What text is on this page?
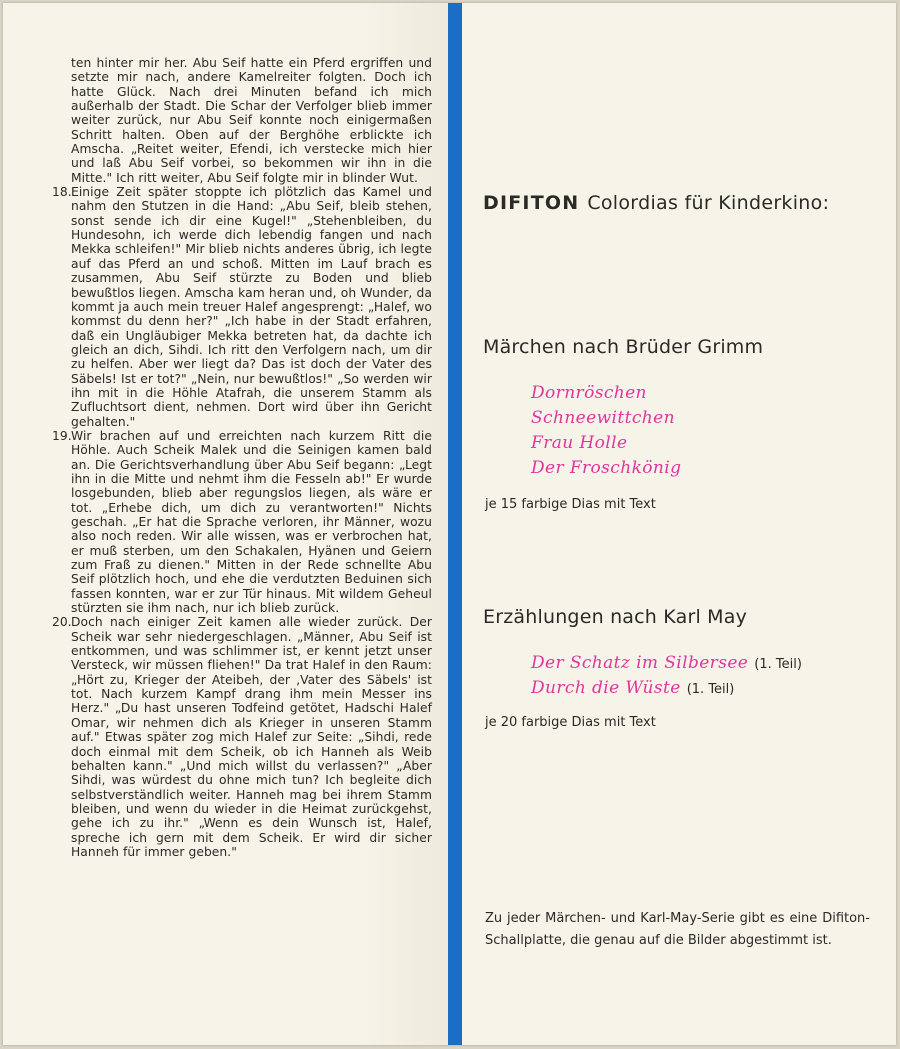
ten hinter mir her. Abu Seif hatte ein Pferd ergriffen und setzte mir nach, andere Kamelreiter folgten. Doch ich hatte Glück. Nach drei Minuten befand ich mich außerhalb der Stadt. Die Schar der Verfolger blieb immer weiter zurück, nur Abu Seif konnte noch einigermaßen Schritt halten. Oben auf der Berghöhe erblickte ich Amscha. „Reitet weiter, Efendi, ich verstecke mich hier und laß Abu Seif vorbei, so bekommen wir ihn in die Mitte." Ich ritt weiter, Abu Seif folgte mir in blinder Wut.

18. Einige Zeit später stoppte ich plötzlich das Kamel und nahm den Stutzen in die Hand: „Abu Seif, bleib stehen, sonst sende ich dir eine Kugel!" „Stehenbleiben, du Hundesohn, ich werde dich lebendig fangen und nach Mekka schleifen!" Mir blieb nichts anderes übrig, ich legte auf das Pferd an und schoß. Mitten im Lauf brach es zusammen, Abu Seif stürzte zu Boden und blieb bewußtlos liegen. Amscha kam heran und, oh Wunder, da kommt ja auch mein treuer Halef angesprengt: „Halef, wo kommst du denn her?" „Ich habe in der Stadt erfahren, daß ein Ungläubiger Mekka betreten hat, da dachte ich gleich an dich, Sihdi. Ich ritt den Verfolgern nach, um dir zu helfen. Aber wer liegt da? Das ist doch der Vater des Säbels! Ist er tot?" „Nein, nur bewußtlos!" „So werden wir ihn mit in die Höhle Atafrah, die unserem Stamm als Zufluchtsort dient, nehmen. Dort wird über ihn Gericht gehalten."

19. Wir brachen auf und erreichten nach kurzem Ritt die Höhle. Auch Scheik Malek und die Seinigen kamen bald an. Die Gerichtsverhandlung über Abu Seif begann: „Legt ihn in die Mitte und nehmt ihm die Fesseln ab!" Er wurde losgebunden, blieb aber regungslos liegen, als wäre er tot. „Erhebe dich, um dich zu verantworten!" Nichts geschah. „Er hat die Sprache verloren, ihr Männer, wozu also noch reden. Wir alle wissen, was er verbrochen hat, er muß sterben, um den Schakalen, Hyänen und Geiern zum Fraß zu dienen." Mitten in der Rede schnellte Abu Seif plötzlich hoch, und ehe die verdutzten Beduinen sich fassen konnten, war er zur Tür hinaus. Mit wildem Geheul stürzten sie ihm nach, nur ich blieb zurück.

20. Doch nach einiger Zeit kamen alle wieder zurück. Der Scheik war sehr niedergeschlagen. „Männer, Abu Seif ist entkommen, und was schlimmer ist, er kennt jetzt unser Versteck, wir müssen fliehen!" Da trat Halef in den Raum: „Hört zu, Krieger der Ateibeh, der ‚Vater des Säbels' ist tot. Nach kurzem Kampf drang ihm mein Messer ins Herz." „Du hast unseren Todfeind getötet, Hadschi Halef Omar, wir nehmen dich als Krieger in unseren Stamm auf." Etwas später zog mich Halef zur Seite: „Sihdi, rede doch einmal mit dem Scheik, ob ich Hanneh als Weib behalten kann." „Und mich willst du verlassen?" „Aber Sihdi, was würdest du ohne mich tun? Ich begleite dich selbstverständlich weiter. Hanneh mag bei ihrem Stamm bleiben, und wenn du wieder in die Heimat zurückgehst, gehe ich zu ihr." „Wenn es dein Wunsch ist, Halef, spreche ich gern mit dem Scheik. Er wird dir sicher Hanneh für immer geben."

DIFITON Colordias für Kinderkino:
Märchen nach Brüder Grimm
Dornröschen
Schneewittchen
Frau Holle
Der Froschkönig
je 15 farbige Dias mit Text
Erzählungen nach Karl May
Der Schatz im Silbersee (1. Teil)
Durch die Wüste (1. Teil)
je 20 farbige Dias mit Text

Zu jeder Märchen- und Karl-May-Serie gibt es eine Difiton-Schallplatte, die genau auf die Bilder abgestimmt ist.
